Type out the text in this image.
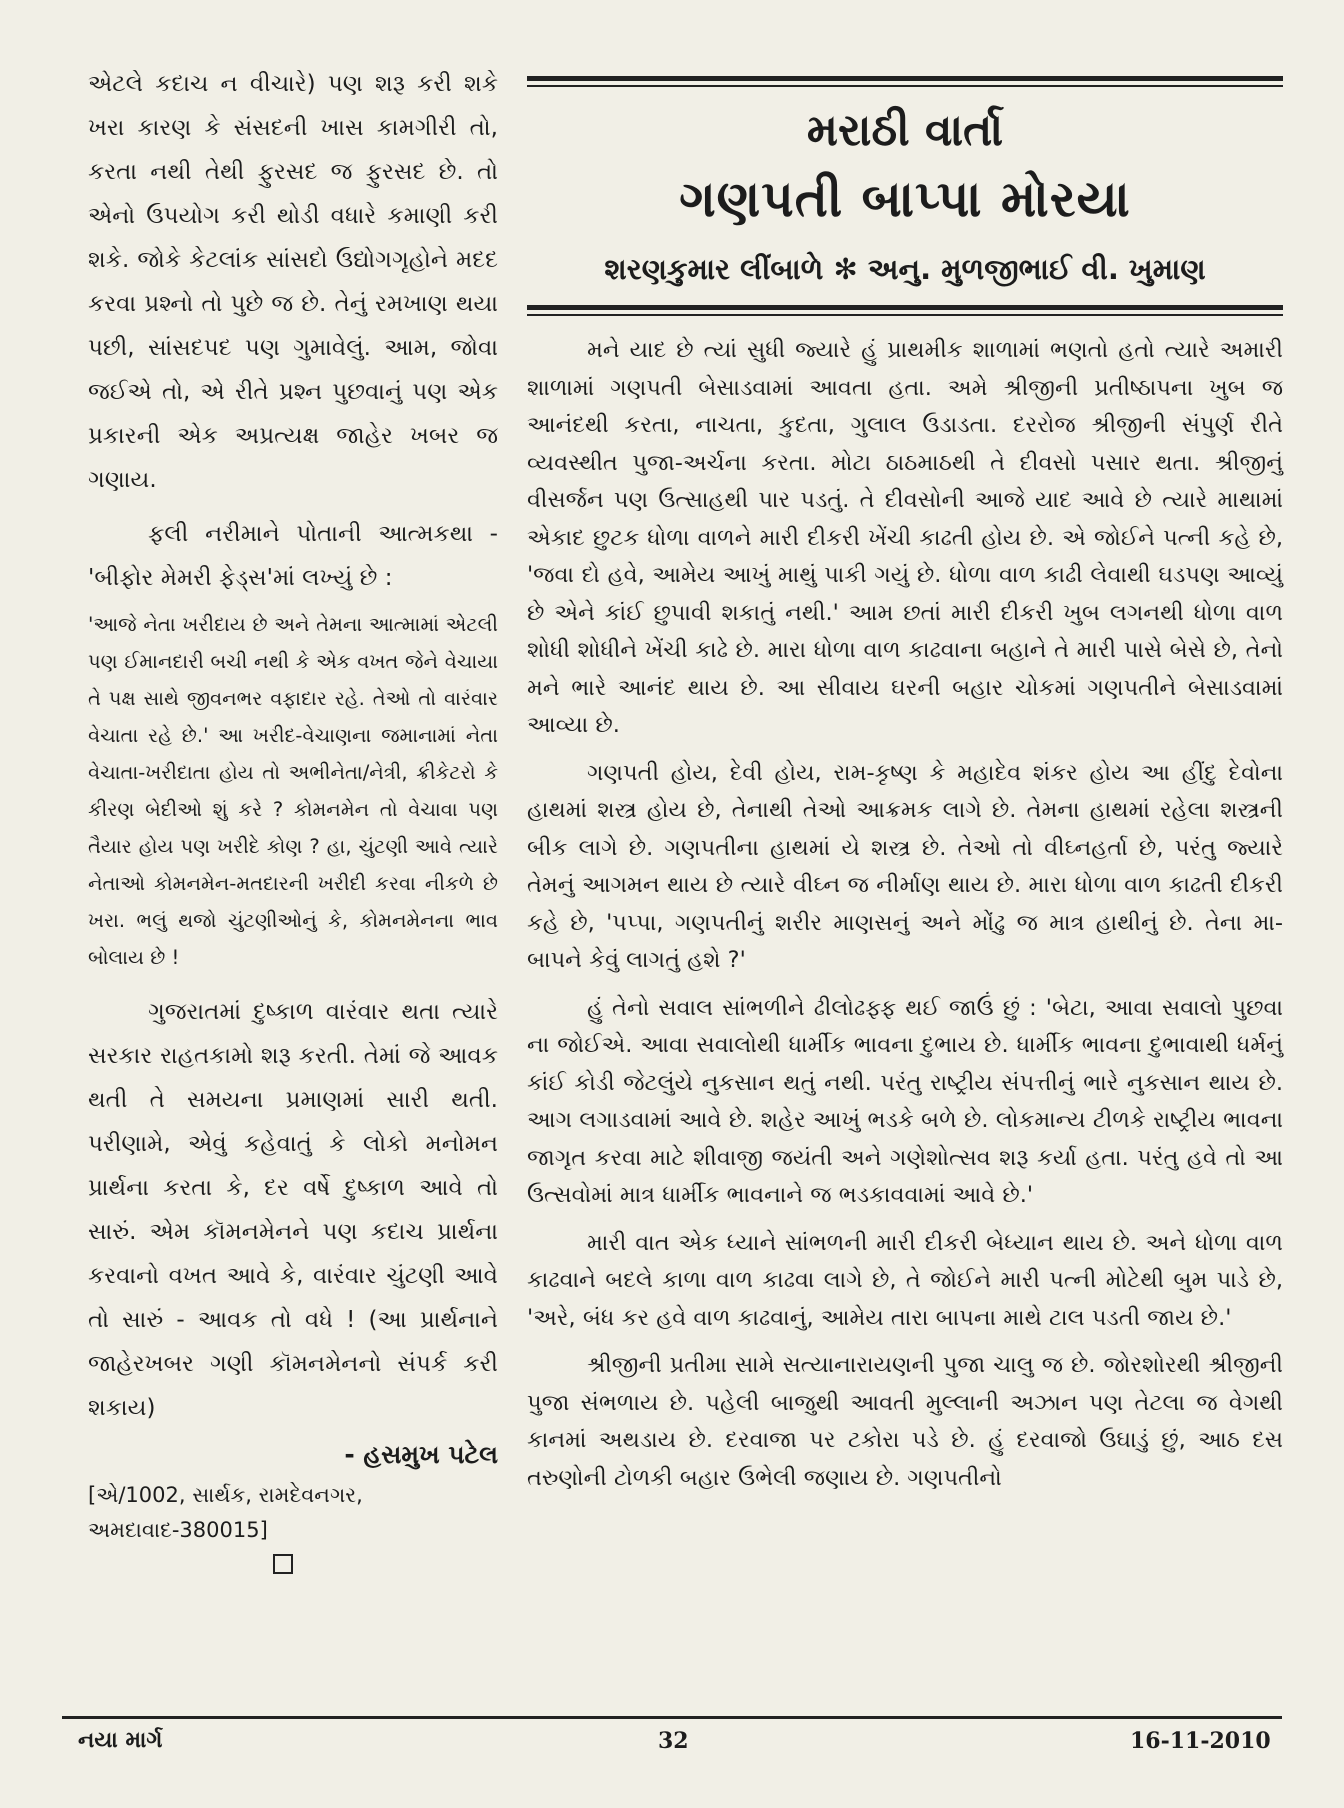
એટલે કદાચ ન વીચારે) પણ શરૂ કરી શકે ખરા કારણ કે સંસદની ખાસ કામગીરી તો, કરતા નથી તેથી ફુરસદ જ ફુરસદ છે. તો એનો ઉપયોગ કરી થોડી વધારે કમાણી કરી શકે. જોકે કેટલાંક સાંસદો ઉદ્યોગગૃહોને મદદ કરવા પ્રશ્નો તો પુછે જ છે. તેનું રમખાણ થયા પછી, સાંસદપદ પણ ગુમાવેલું. આમ, જોવા જઈએ તો, એ રીતે પ્રશ્ન પુછવાનું પણ એક પ્રકારની એક અપ્રત્યક્ષ જાહેર ખબર જ ગણાય.

ફલી નરીમાને પોતાની આત્મકથા - 'બીફોર મેમરી ફેડ્સ'માં લખ્યું છે :

'આજે નેતા ખરીદાય છે અને તેમના આત્મામાં એટલી પણ ઈમાનદારી બચી નથી કે એક વખત જેને વેચાયા તે પક્ષ સાથે જીવનભર વફાદાર રહે. તેઓ તો વારંવાર વેચાતા રહે છે.' આ ખરીદ-વેચાણના જમાનામાં નેતા વેચાતા-ખરીદાતા હોય તો અભીનેતા/નેત્રી, ક્રીકેટરો કે કીરણ બેદીઓ શું કરે ? કોમનમેન તો વેચાવા પણ તૈયાર હોય પણ ખરીદે કોણ ? હા, ચુંટણી આવે ત્યારે નેતાઓ કોમનમેન-મતદારની ખરીદી કરવા નીકળે છે ખરા. ભલું થજો ચુંટણીઓનું કે, કોમનમેનના ભાવ બોલાય છે !

ગુજરાતમાં દુષ્કાળ વારંવાર થતા ત્યારે સરકાર રાહતકામો શરૂ કરતી. તેમાં જે આવક થતી તે સમયના પ્રમાણમાં સારી થતી. પરીણામે, એવું કહેવાતું કે લોકો મનોમન પ્રાર્થના કરતા કે, દર વર્ષે દુષ્કાળ આવે તો સારું. એમ કૉમનમેનને પણ કદાચ પ્રાર્થના કરવાનો વખત આવે કે, વારંવાર ચુંટણી આવે તો સારું - આવક તો વધે ! (આ પ્રાર્થનાને જાહેરખબર ગણી કૉમનમેનનો સંપર્ક કરી શકાય)

- હસમુખ પટેલ

[એ/1002, સાર્થક, રામદેવનગર, અમદાવાદ-380015]

મરાઠી વાર્તા
ગણપતી બાપ્પા મોરયા
શરણકુમાર લીંબાળે ✻ અનુ. મુળજીભાઈ વી. ખુમાણ

મને યાદ છે ત્યાં સુધી જ્યારે હું પ્રાથમીક શાળામાં ભણતો હતો ત્યારે અમારી શાળામાં ગણપતી બેસાડવામાં આવતા હતા. અમે શ્રીજીની પ્રતીષ્ઠાપના ખુબ જ આનંદથી કરતા, નાચતા, કુદતા, ગુલાલ ઉડાડતા. દરરોજ શ્રીજીની સંપુર્ણ રીતે વ્યવસ્થીત પુજા-અર્ચના કરતા. મોટા ઠાઠમાઠથી તે દીવસો પસાર થતા. શ્રીજીનું વીસર્જન પણ ઉત્સાહથી પાર પડતું. તે દીવસોની આજે યાદ આવે છે ત્યારે માથામાં એકાદ છુટક ધોળા વાળને મારી દીકરી ખેંચી કાઢતી હોય છે. એ જોઈને પત્ની કહે છે, 'જવા દો હવે, આમેય આખું માથું પાકી ગયું છે. ધોળા વાળ કાઢી લેવાથી ઘડપણ આવ્યું છે એને કાંઈ છુપાવી શકાતું નથી.' આમ છતાં મારી દીકરી ખુબ લગનથી ધોળા વાળ શોધી શોધીને ખેંચી કાઢે છે. મારા ધોળા વાળ કાઢવાના બહાને તે મારી પાસે બેસે છે, તેનો મને ભારે આનંદ થાય છે. આ સીવાય ઘરની બહાર ચોકમાં ગણપતીને બેસાડવામાં આવ્યા છે.

ગણપતી હોય, દેવી હોય, રામ-કૃષ્ણ કે મહાદેવ શંકર હોય આ હીંદુ દેવોના હાથમાં શસ્ત્ર હોય છે, તેનાથી તેઓ આક્રમક લાગે છે. તેમના હાથમાં રહેલા શસ્ત્રની બીક લાગે છે. ગણપતીના હાથમાં યે શસ્ત્ર છે. તેઓ તો વીઘ્નહર્તા છે, પરંતુ જ્યારે તેમનું આગમન થાય છે ત્યારે વીઘ્ન જ નીર્માણ થાય છે. મારા ધોળા વાળ કાઢતી દીકરી કહે છે, 'પપ્પા, ગણપતીનું શરીર માણસનું અને મોંઢુ જ માત્ર હાથીનું છે. તેના મા-બાપને કેવું લાગતું હશે ?'

હું તેનો સવાલ સાંભળીને ઢીલોઢફ્ફ થઈ જાઉં છું : 'બેટા, આવા સવાલો પુછવા ના જોઈએ. આવા સવાલોથી ધાર્મીક ભાવના દુભાય છે. ધાર્મીક ભાવના દુભાવાથી ધર્મનું કાંઈ કોડી જેટલુંયે નુકસાન થતું નથી. પરંતુ રાષ્ટ્રીય સંપત્તીનું ભારે નુકસાન થાય છે. આગ લગાડવામાં આવે છે. શહેર આખું ભડકે બળે છે. લોકમાન્ય ટીળકે રાષ્ટ્રીય ભાવના જાગૃત કરવા માટે શીવાજી જયંતી અને ગણેશોત્સવ શરૂ કર્યા હતા. પરંતુ હવે તો આ ઉત્સવોમાં માત્ર ધાર્મીક ભાવનાને જ ભડકાવવામાં આવે છે.'

મારી વાત એક ધ્યાને સાંભળની મારી દીકરી બેધ્યાન થાય છે. અને ધોળા વાળ કાઢવાને બદલે કાળા વાળ કાઢવા લાગે છે, તે જોઈને મારી પત્ની મોટેથી બુમ પાડે છે, 'અરે, બંધ કર હવે વાળ કાઢવાનું, આમેય તારા બાપના માથે ટાલ પડતી જાય છે.'

શ્રીજીની પ્રતીમા સામે સત્યાનારાયણની પુજા ચાલુ જ છે. જોરશોરથી શ્રીજીની પુજા સંભળાય છે. પહેલી બાજુથી આવતી મુલ્લાની અઝાન પણ તેટલા જ વેગથી કાનમાં અથડાય છે. દરવાજા પર ટકોરા પડે છે. હું દરવાજો ઉઘાડું છું, આઠ દસ તરુણોની ટોળકી બહાર ઉભેલી જણાય છે. ગણપતીનો

નયા માર્ગ	32	16-11-2010
